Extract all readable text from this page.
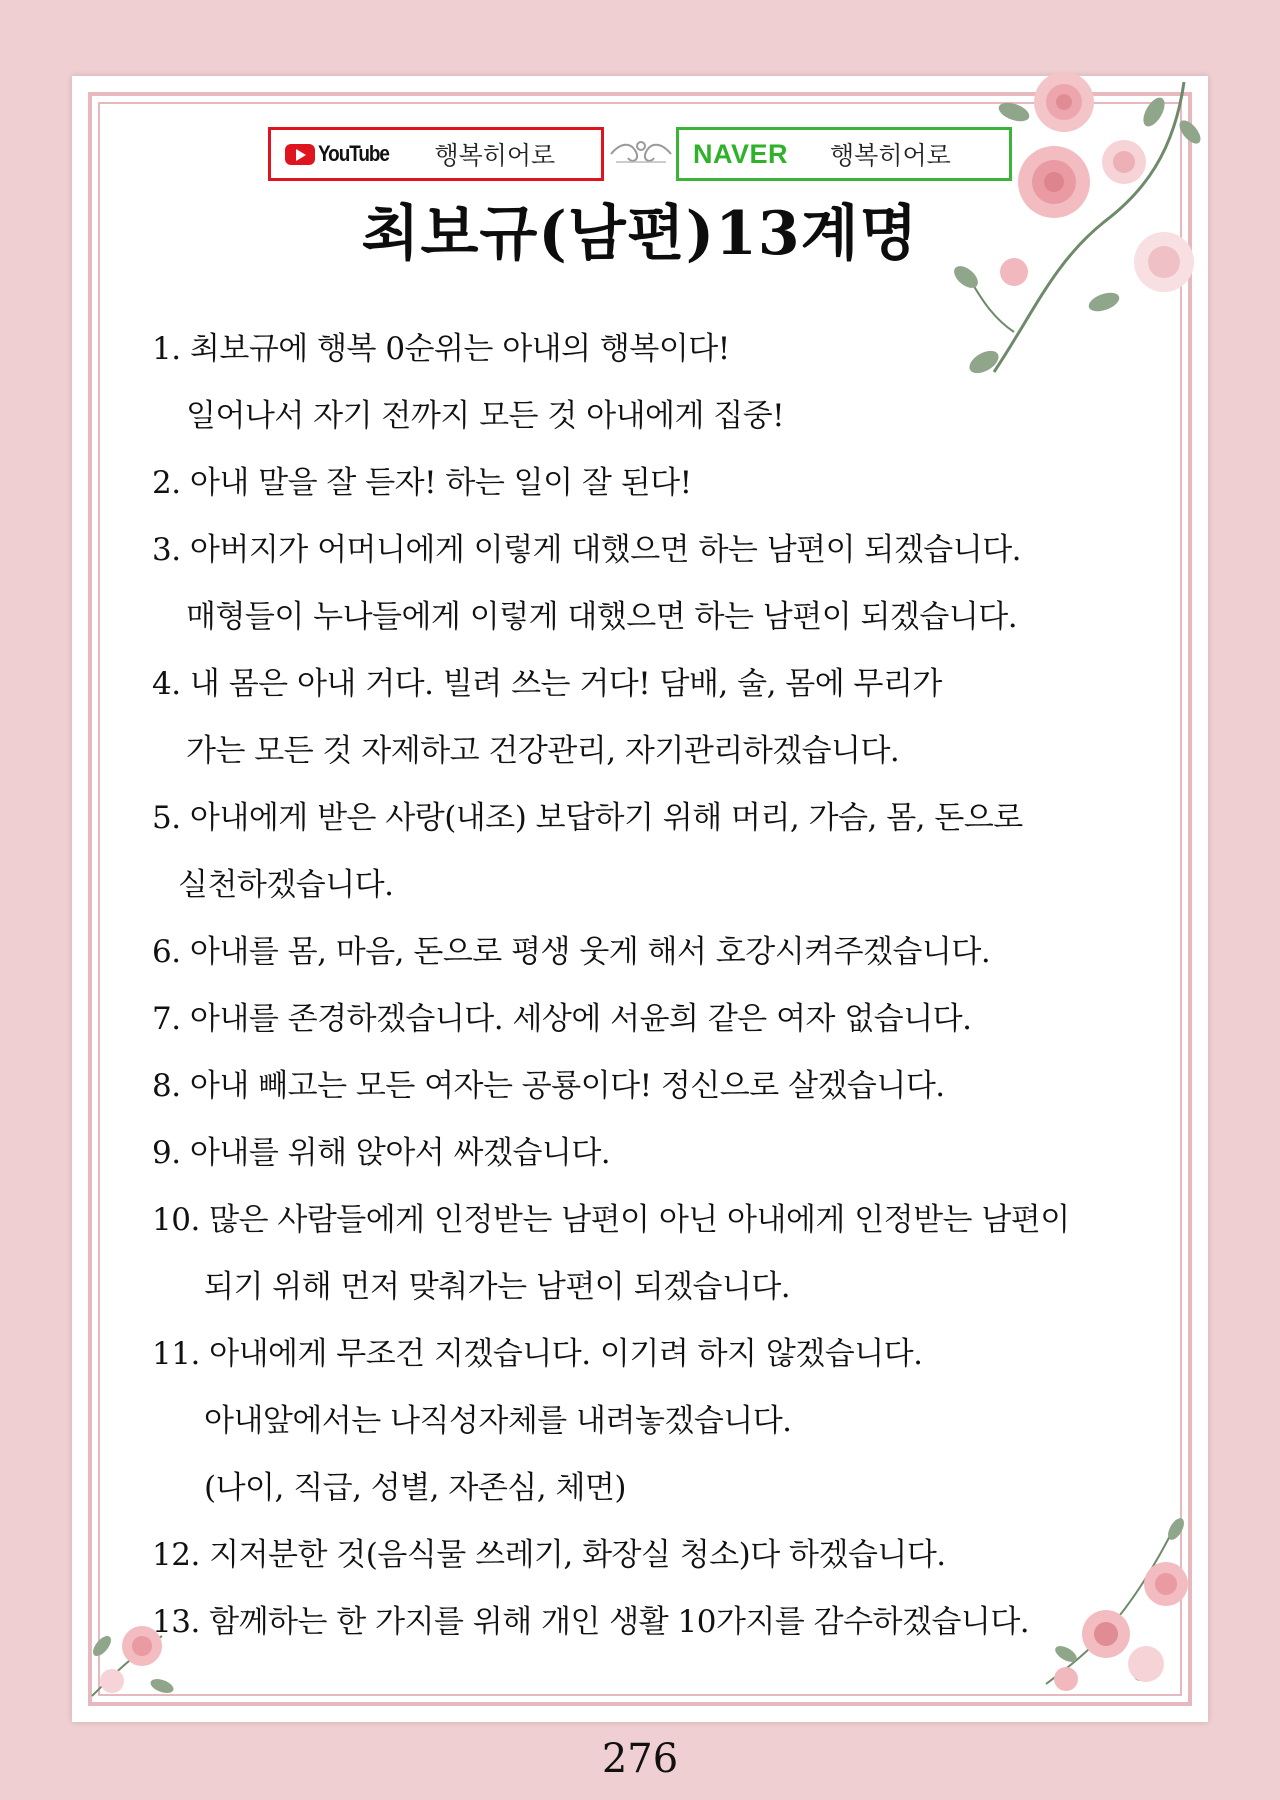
YouTube 행복히어로	NAVER 행복히어로
최보규(남편)13계명
1. 최보규에 행복 0순위는 아내의 행복이다!
일어나서 자기 전까지 모든 것 아내에게 집중!
2. 아내 말을 잘 듣자! 하는 일이 잘 된다!
3. 아버지가 어머니에게 이렇게 대했으면 하는 남편이 되겠습니다.
매형들이 누나들에게 이렇게 대했으면 하는 남편이 되겠습니다.
4. 내 몸은 아내 거다. 빌려 쓰는 거다! 담배, 술, 몸에 무리가
가는 모든 것 자제하고 건강관리, 자기관리하겠습니다.
5. 아내에게 받은 사랑(내조) 보답하기 위해 머리, 가슴, 몸, 돈으로
실천하겠습니다.
6. 아내를 몸, 마음, 돈으로 평생 웃게 해서 호강시켜주겠습니다.
7. 아내를 존경하겠습니다. 세상에 서윤희 같은 여자 없습니다.
8. 아내 빼고는 모든 여자는 공룡이다! 정신으로 살겠습니다.
9. 아내를 위해 앉아서 싸겠습니다.
10. 많은 사람들에게 인정받는 남편이 아닌 아내에게 인정받는 남편이
되기 위해 먼저 맞춰가는 남편이 되겠습니다.
11. 아내에게 무조건 지겠습니다. 이기려 하지 않겠습니다.
아내앞에서는 나직성자체를 내려놓겠습니다.
(나이, 직급, 성별, 자존심, 체면)
12. 지저분한 것(음식물 쓰레기, 화장실 청소)다 하겠습니다.
13. 함께하는 한 가지를 위해 개인 생활 10가지를 감수하겠습니다.
276
